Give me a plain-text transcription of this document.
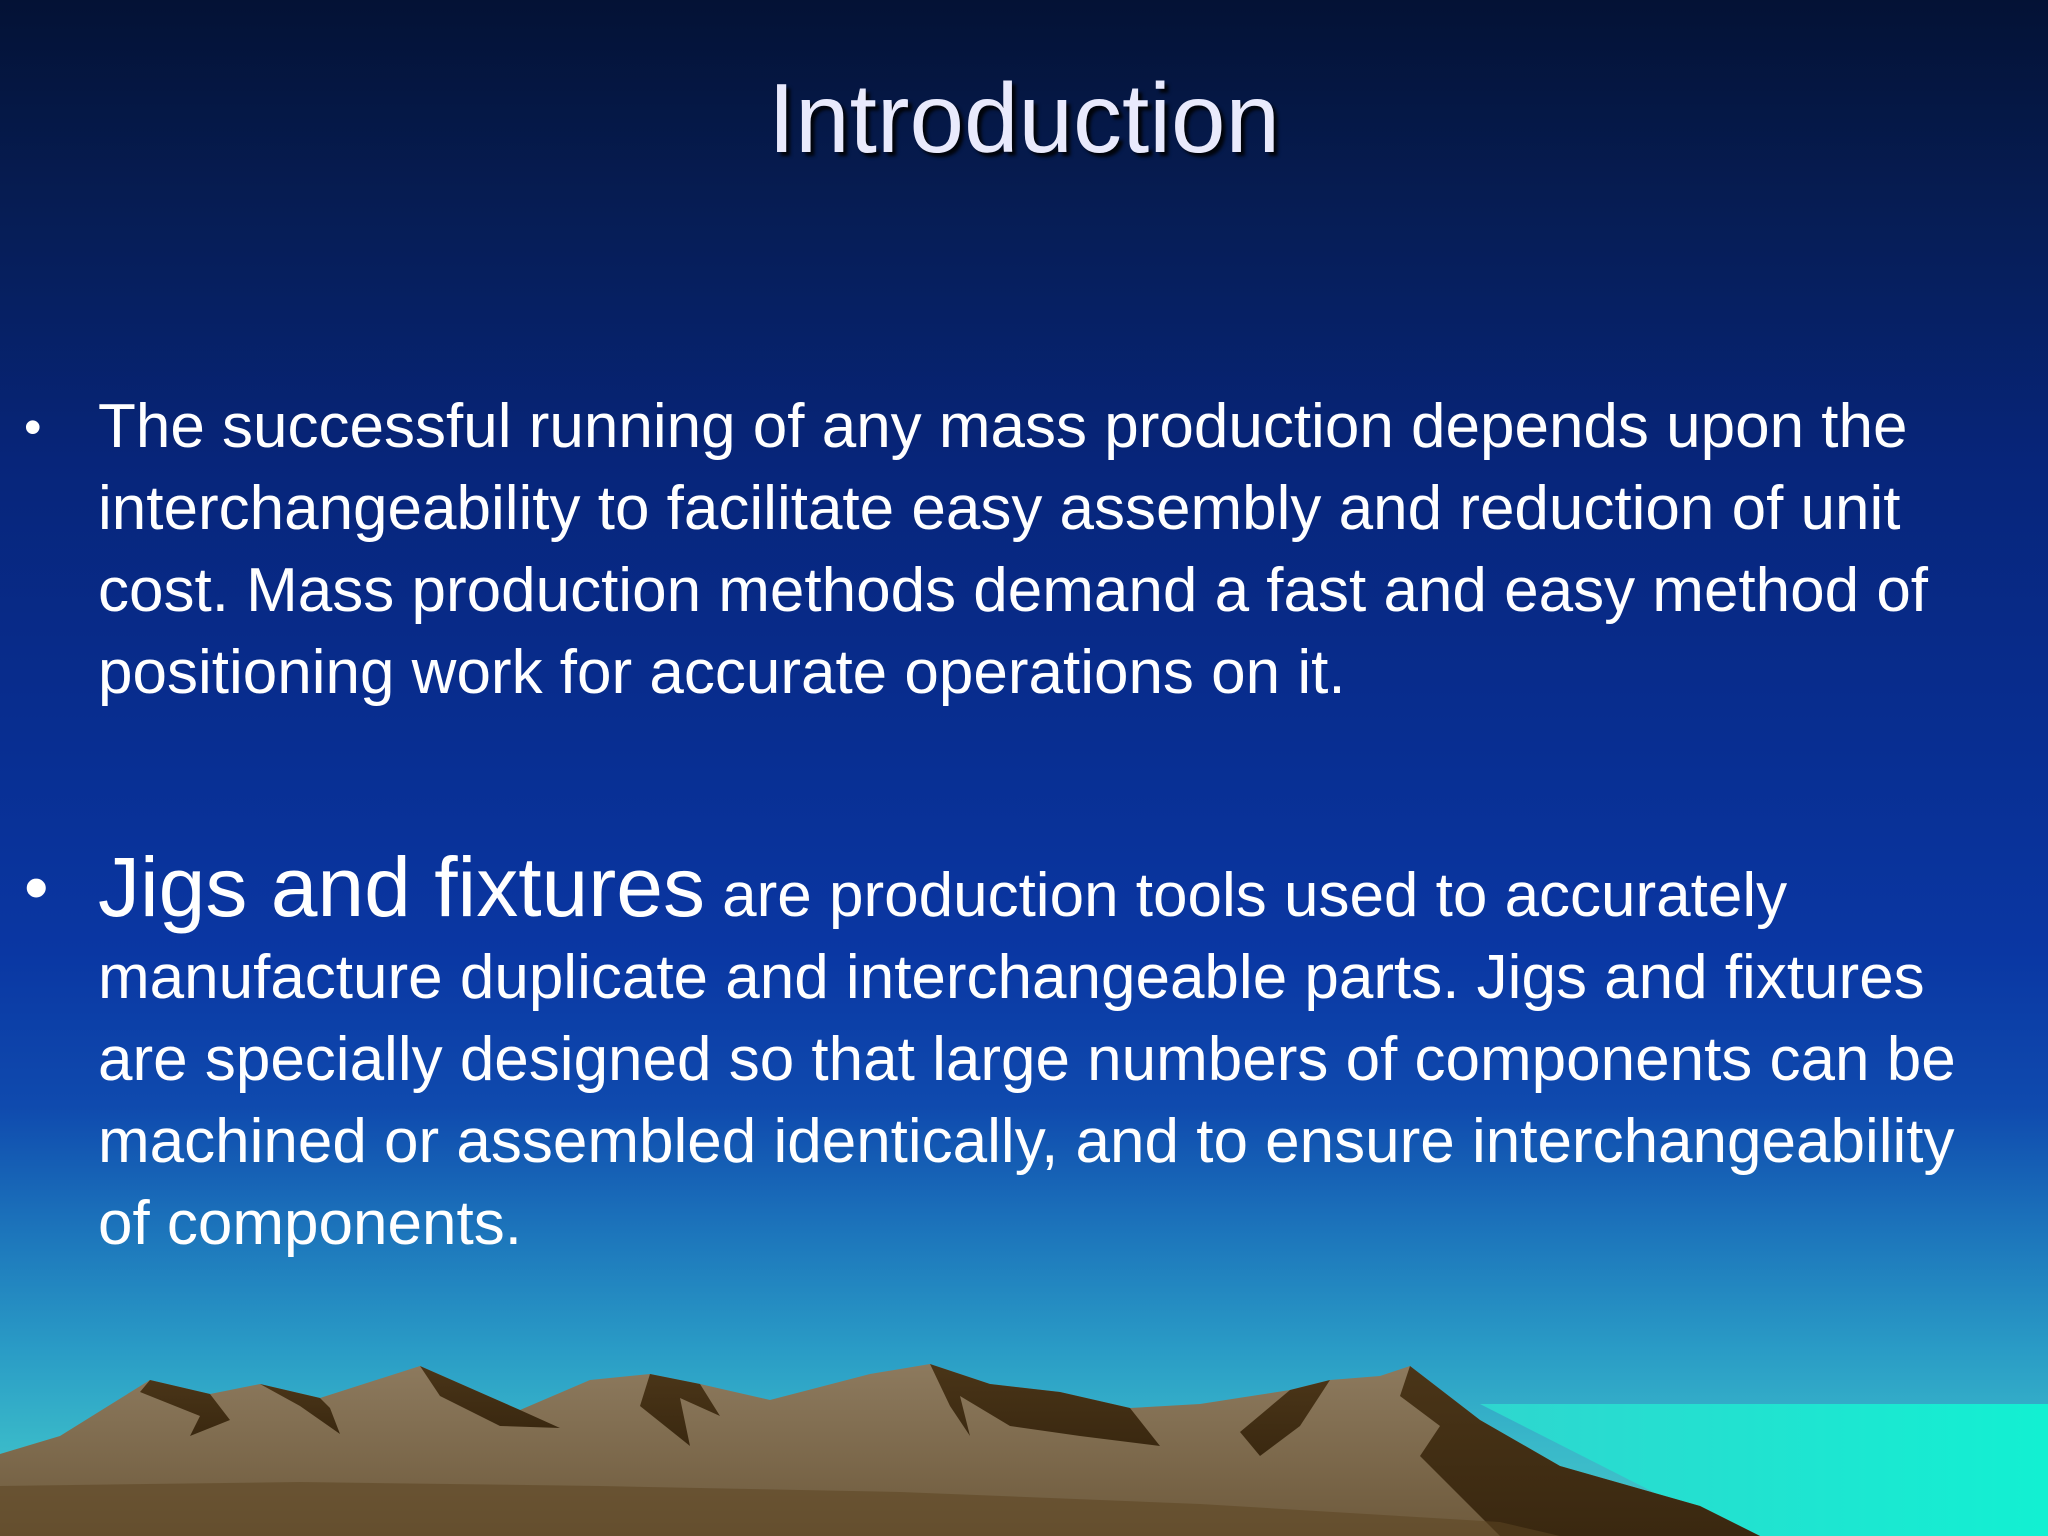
Introduction
• The successful running of any mass production depends upon the interchangeability to facilitate easy assembly and reduction of unit cost. Mass production methods demand a fast and easy method of positioning work for accurate operations on it.
• Jigs and fixtures are production tools used to accurately manufacture duplicate and interchangeable parts. Jigs and fixtures are specially designed so that large numbers of components can be machined or assembled identically, and to ensure interchangeability of components.
